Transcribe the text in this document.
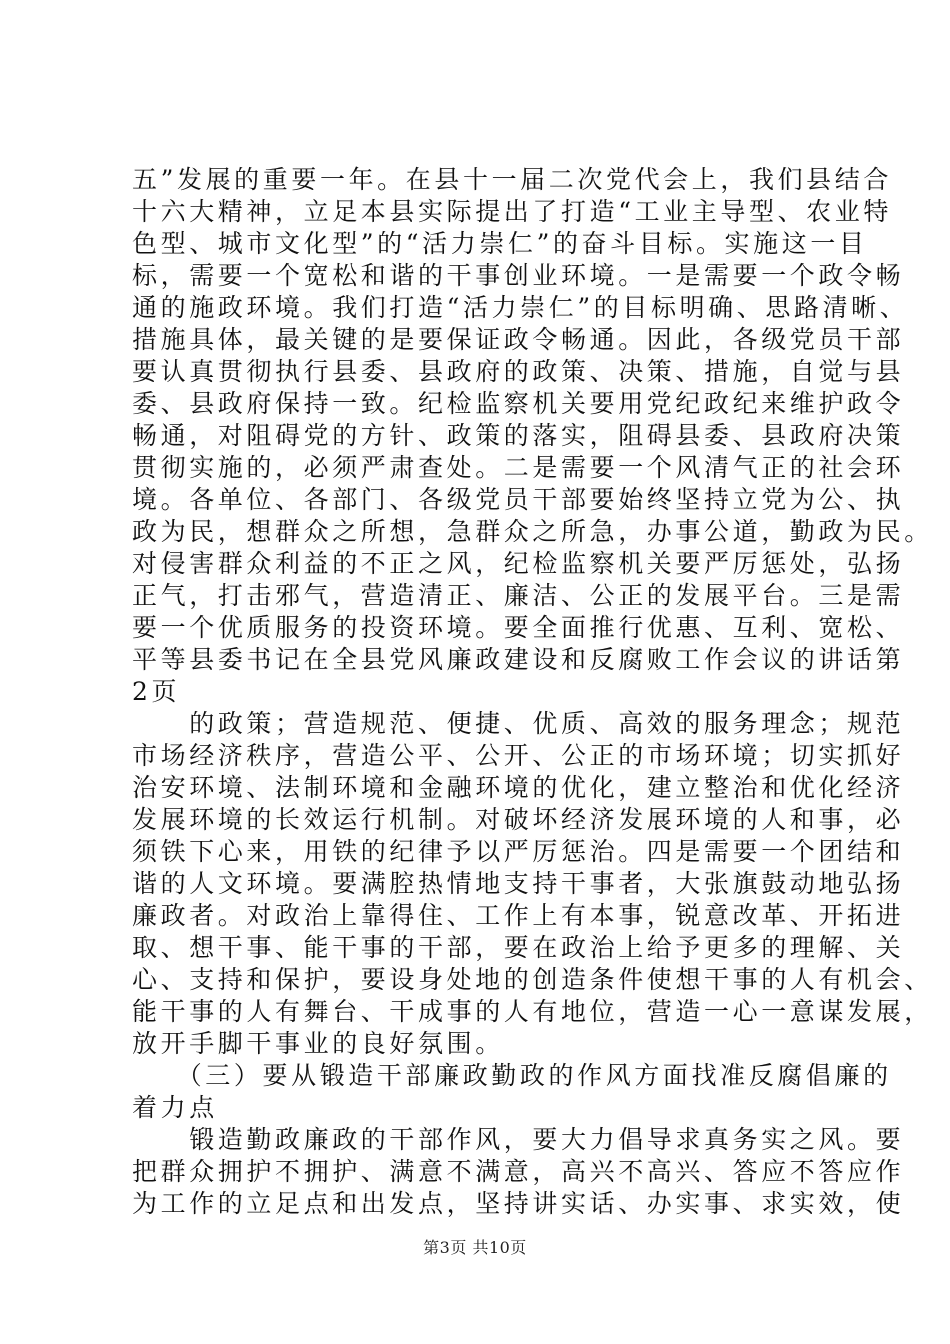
五”发展的重要一年。在县十一届二次党代会上，我们县结合
十六大精神，立足本县实际提出了打造“工业主导型、农业特
色型、城市文化型”的“活力崇仁”的奋斗目标。实施这一目
标，需要一个宽松和谐的干事创业环境。一是需要一个政令畅
通的施政环境。我们打造“活力崇仁”的目标明确、思路清晰、
措施具体，最关键的是要保证政令畅通。因此，各级党员干部
要认真贯彻执行县委、县政府的政策、决策、措施，自觉与县
委、县政府保持一致。纪检监察机关要用党纪政纪来维护政令
畅通，对阻碍党的方针、政策的落实，阻碍县委、县政府决策
贯彻实施的，必须严肃查处。二是需要一个风清气正的社会环
境。各单位、各部门、各级党员干部要始终坚持立党为公、执
政为民，想群众之所想，急群众之所急，办事公道，勤政为民。
对侵害群众利益的不正之风，纪检监察机关要严厉惩处，弘扬
正气，打击邪气，营造清正、廉洁、公正的发展平台。三是需
要一个优质服务的投资环境。要全面推行优惠、互利、宽松、
平等县委书记在全县党风廉政建设和反腐败工作会议的讲话第
2页
　　的政策；营造规范、便捷、优质、高效的服务理念；规范
市场经济秩序，营造公平、公开、公正的市场环境；切实抓好
治安环境、法制环境和金融环境的优化，建立整治和优化经济
发展环境的长效运行机制。对破坏经济发展环境的人和事，必
须铁下心来，用铁的纪律予以严厉惩治。四是需要一个团结和
谐的人文环境。要满腔热情地支持干事者，大张旗鼓动地弘扬
廉政者。对政治上靠得住、工作上有本事，锐意改革、开拓进
取、想干事、能干事的干部，要在政治上给予更多的理解、关
心、支持和保护，要设身处地的创造条件使想干事的人有机会、
能干事的人有舞台、干成事的人有地位，营造一心一意谋发展，
放开手脚干事业的良好氛围。
　　（三）要从锻造干部廉政勤政的作风方面找准反腐倡廉的
着力点
　　锻造勤政廉政的干部作风，要大力倡导求真务实之风。要
把群众拥护不拥护、满意不满意，高兴不高兴、答应不答应作
为工作的立足点和出发点，坚持讲实话、办实事、求实效，使
第3页 共10页
